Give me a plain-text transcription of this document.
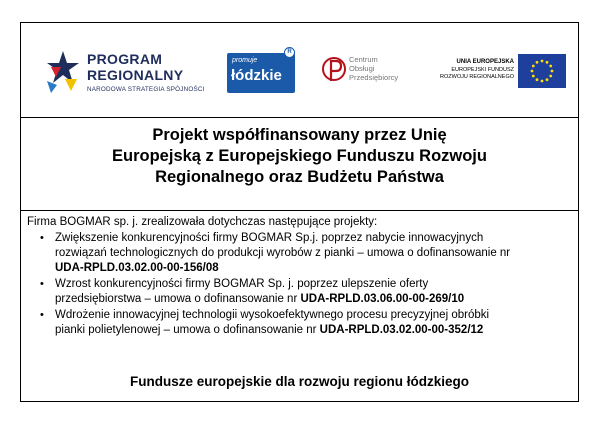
PROGRAM
REGIONALNY
NARODOWA STRATEGIA SPÓJNOŚCI
promuje
łódzkie
R
Centrum
Obsługi
Przedsiębiorcy
UNIA EUROPEJSKA
EUROPEJSKI FUNDUSZ
ROZWOJU REGIONALNEGO
Projekt współfinansowany przez Unię
Europejską z Europejskiego Funduszu Rozwoju
Regionalnego oraz Budżetu Państwa
Firma BOGMAR sp. j. zrealizowała dotychczas następujące projekty:
• Zwiększenie konkurencyjności firmy BOGMAR Sp.j. poprzez nabycie innowacyjnych
rozwiązań technologicznych do produkcji wyrobów z pianki – umowa o dofinansowanie nr
UDA-RPLD.03.02.00-00-156/08
• Wzrost konkurencyjności firmy BOGMAR Sp. j. poprzez ulepszenie oferty
przedsiębiorstwa – umowa o dofinansowanie nr UDA-RPLD.03.06.00-00-269/10
• Wdrożenie innowacyjnej technologii wysokoefektywnego procesu precyzyjnej obróbki
pianki polietylenowej – umowa o dofinansowanie nr UDA-RPLD.03.02.00-00-352/12
Fundusze europejskie dla rozwoju regionu łódzkiego
